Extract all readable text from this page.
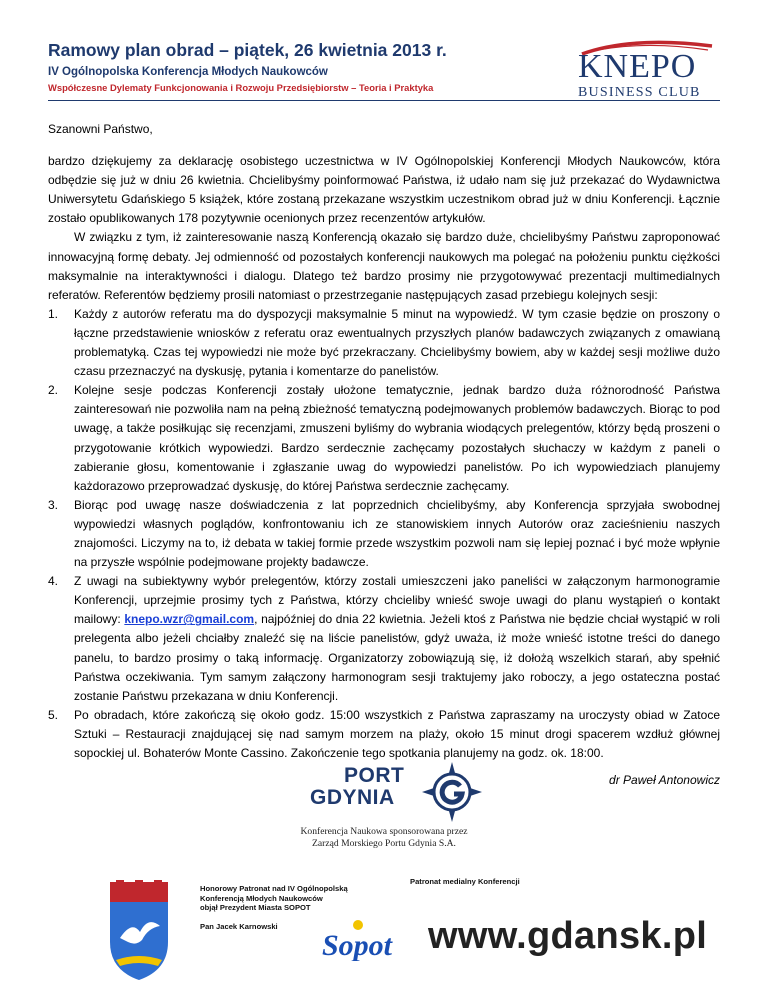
Ramowy plan obrad – piątek, 26 kwietnia 2013 r.
IV Ogólnopolska Konferencja Młodych Naukowców
Współczesne Dylematy Funkcjonowania i Rozwoju Przedsiębiorstw – Teoria i Praktyka
KNEPO
BUSINESS CLUB

Szanowni Państwo,

bardzo dziękujemy za deklarację osobistego uczestnictwa w IV Ogólnopolskiej Konferencji Młodych Naukowców, która odbędzie się już w dniu 26 kwietnia. Chcielibyśmy poinformować Państwa, iż udało nam się już przekazać do Wydawnictwa Uniwersytetu Gdańskiego 5 książek, które zostaną przekazane wszystkim uczestnikom obrad już w dniu Konferencji. Łącznie zostało opublikowanych 178 pozytywnie ocenionych przez recenzentów artykułów.

W związku z tym, iż zainteresowanie naszą Konferencją okazało się bardzo duże, chcielibyśmy Państwu zaproponować innowacyjną formę debaty. Jej odmienność od pozostałych konferencji naukowych ma polegać na położeniu punktu ciężkości maksymalnie na interaktywności i dialogu. Dlatego też bardzo prosimy nie przygotowywać prezentacji multimedialnych referatów. Referentów będziemy prosili natomiast o przestrzeganie następujących zasad przebiegu kolejnych sesji:

1. Każdy z autorów referatu ma do dyspozycji maksymalnie 5 minut na wypowiedź. W tym czasie będzie on proszony o łączne przedstawienie wniosków z referatu oraz ewentualnych przyszłych planów badawczych związanych z omawianą problematyką. Czas tej wypowiedzi nie może być przekraczany. Chcielibyśmy bowiem, aby w każdej sesji możliwe dużo czasu przeznaczyć na dyskusję, pytania i komentarze do panelistów.
2. Kolejne sesje podczas Konferencji zostały ułożone tematycznie, jednak bardzo duża różnorodność Państwa zainteresowań nie pozwoliła nam na pełną zbieżność tematyczną podejmowanych problemów badawczych. Biorąc to pod uwagę, a także posiłkując się recenzjami, zmuszeni byliśmy do wybrania wiodących prelegentów, którzy będą proszeni o przygotowanie krótkich wypowiedzi. Bardzo serdecznie zachęcamy pozostałych słuchaczy w każdym z paneli o zabieranie głosu, komentowanie i zgłaszanie uwag do wypowiedzi panelistów. Po ich wypowiedziach planujemy każdorazowo przeprowadzać dyskusję, do której Państwa serdecznie zachęcamy.
3. Biorąc pod uwagę nasze doświadczenia z lat poprzednich chcielibyśmy, aby Konferencja sprzyjała swobodnej wypowiedzi własnych poglądów, konfrontowaniu ich ze stanowiskiem innych Autorów oraz zacieśnieniu naszych znajomości. Liczymy na to, iż debata w takiej formie przede wszystkim pozwoli nam się lepiej poznać i być może wpłynie na przyszłe wspólnie podejmowane projekty badawcze.
4. Z uwagi na subiektywny wybór prelegentów, którzy zostali umieszczeni jako paneliści w załączonym harmonogramie Konferencji, uprzejmie prosimy tych z Państwa, którzy chcieliby wnieść swoje uwagi do planu wystąpień o kontakt mailowy: knepo.wzr@gmail.com, najpóźniej do dnia 22 kwietnia. Jeżeli ktoś z Państwa nie będzie chciał wystąpić w roli prelegenta albo jeżeli chciałby znaleźć się na liście panelistów, gdyż uważa, iż może wnieść istotne treści do danego panelu, to bardzo prosimy o taką informację. Organizatorzy zobowiązują się, iż dołożą wszelkich starań, aby spełnić Państwa oczekiwania. Tym samym załączony harmonogram sesji traktujemy jako roboczy, a jego ostateczna postać zostanie Państwu przekazana w dniu Konferencji.
5. Po obradach, które zakończą się około godz. 15:00 wszystkich z Państwa zapraszamy na uroczysty obiad w Zatoce Sztuki – Restauracji znajdującej się nad samym morzem na plaży, około 15 minut drogi spacerem wzdłuż głównej sopockiej ul. Bohaterów Monte Cassino. Zakończenie tego spotkania planujemy na godz. ok. 18:00.

dr Paweł Antonowicz

PORT
GDYNIA
Konferencja Naukowa sponsorowana przez
Zarząd Morskiego Portu Gdynia S.A.
Honorowy Patronat nad IV Ogólnopolską
Konferencją Młodych Naukowców
objął Prezydent Miasta SOPOT
Pan Jacek Karnowski
Sopot
Patronat medialny Konferencji
www.gdansk.pl
